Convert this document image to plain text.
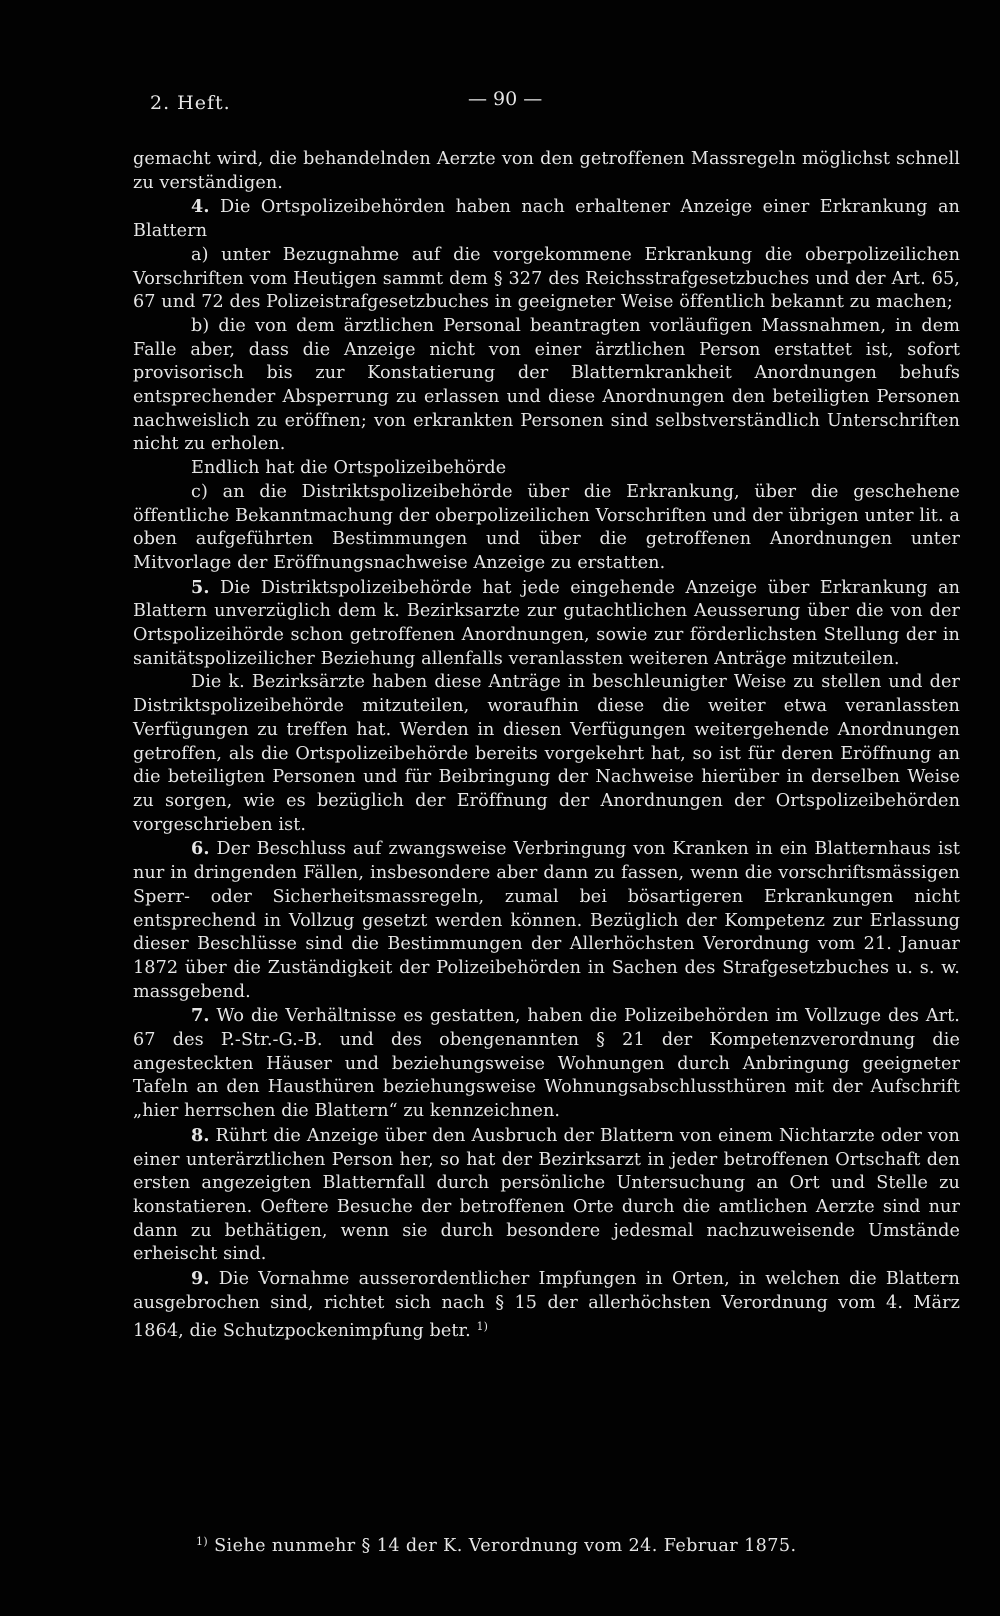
2. Heft.	— 90 —

gemacht wird, die behandelnden Aerzte von den getroffenen Massregeln möglichst schnell zu verständigen.

4. Die Ortspolizeibehörden haben nach erhaltener Anzeige einer Erkrankung an Blattern

a) unter Bezugnahme auf die vorgekommene Erkrankung die oberpolizeilichen Vorschriften vom Heutigen sammt dem § 327 des Reichsstrafgesetzbuches und der Art. 65, 67 und 72 des Polizeistrafgesetzbuches in geeigneter Weise öffentlich bekannt zu machen;

b) die von dem ärztlichen Personal beantragten vorläufigen Massnahmen, in dem Falle aber, dass die Anzeige nicht von einer ärztlichen Person erstattet ist, sofort provisorisch bis zur Konstatierung der Blatternkrankheit Anordnungen behufs entsprechender Absperrung zu erlassen und diese Anordnungen den beteiligten Personen nachweislich zu eröffnen; von erkrankten Personen sind selbstverständlich Unterschriften nicht zu erholen.

Endlich hat die Ortspolizeibehörde

c) an die Distriktspolizeibehörde über die Erkrankung, über die geschehene öffentliche Bekanntmachung der oberpolizeilichen Vorschriften und der übrigen unter lit. a oben aufgeführten Bestimmungen und über die getroffenen Anordnungen unter Mitvorlage der Eröffnungsnachweise Anzeige zu erstatten.

5. Die Distriktspolizeibehörde hat jede eingehende Anzeige über Erkrankung an Blattern unverzüglich dem k. Bezirksarzte zur gutachtlichen Aeusserung über die von der Ortspolizeihörde schon getroffenen Anordnungen, sowie zur förderlichsten Stellung der in sanitätspolizeilicher Beziehung allenfalls veranlassten weiteren Anträge mitzuteilen.

Die k. Bezirksärzte haben diese Anträge in beschleunigter Weise zu stellen und der Distriktspolizeibehörde mitzuteilen, woraufhin diese die weiter etwa veranlassten Verfügungen zu treffen hat. Werden in diesen Verfügungen weitergehende Anordnungen getroffen, als die Ortspolizeibehörde bereits vorgekehrt hat, so ist für deren Eröffnung an die beteiligten Personen und für Beibringung der Nachweise hierüber in derselben Weise zu sorgen, wie es bezüglich der Eröffnung der Anordnungen der Ortspolizeibehörden vorgeschrieben ist.

6. Der Beschluss auf zwangsweise Verbringung von Kranken in ein Blatternhaus ist nur in dringenden Fällen, insbesondere aber dann zu fassen, wenn die vorschriftsmässigen Sperr- oder Sicherheitsmassregeln, zumal bei bösartigeren Erkrankungen nicht entsprechend in Vollzug gesetzt werden können. Bezüglich der Kompetenz zur Erlassung dieser Beschlüsse sind die Bestimmungen der Allerhöchsten Verordnung vom 21. Januar 1872 über die Zuständigkeit der Polizeibehörden in Sachen des Strafgesetzbuches u. s. w. massgebend.

7. Wo die Verhältnisse es gestatten, haben die Polizeibehörden im Vollzuge des Art. 67 des P.-Str.-G.-B. und des obengenannten § 21 der Kompetenzverordnung die angesteckten Häuser und beziehungsweise Wohnungen durch Anbringung geeigneter Tafeln an den Hausthüren beziehungsweise Wohnungsabschlussthüren mit der Aufschrift „hier herrschen die Blattern“ zu kennzeichnen.

8. Rührt die Anzeige über den Ausbruch der Blattern von einem Nichtarzte oder von einer unterärztlichen Person her, so hat der Bezirksarzt in jeder betroffenen Ortschaft den ersten angezeigten Blatternfall durch persönliche Untersuchung an Ort und Stelle zu konstatieren. Oeftere Besuche der betroffenen Orte durch die amtlichen Aerzte sind nur dann zu bethätigen, wenn sie durch besondere jedesmal nachzuweisende Umstände erheischt sind.

9. Die Vornahme ausserordentlicher Impfungen in Orten, in welchen die Blattern ausgebrochen sind, richtet sich nach § 15 der allerhöchsten Verordnung vom 4. März 1864, die Schutzpockenimpfung betr. $^{1)}$

$^{1)}$ Siehe nunmehr § 14 der K. Verordnung vom 24. Februar 1875.
